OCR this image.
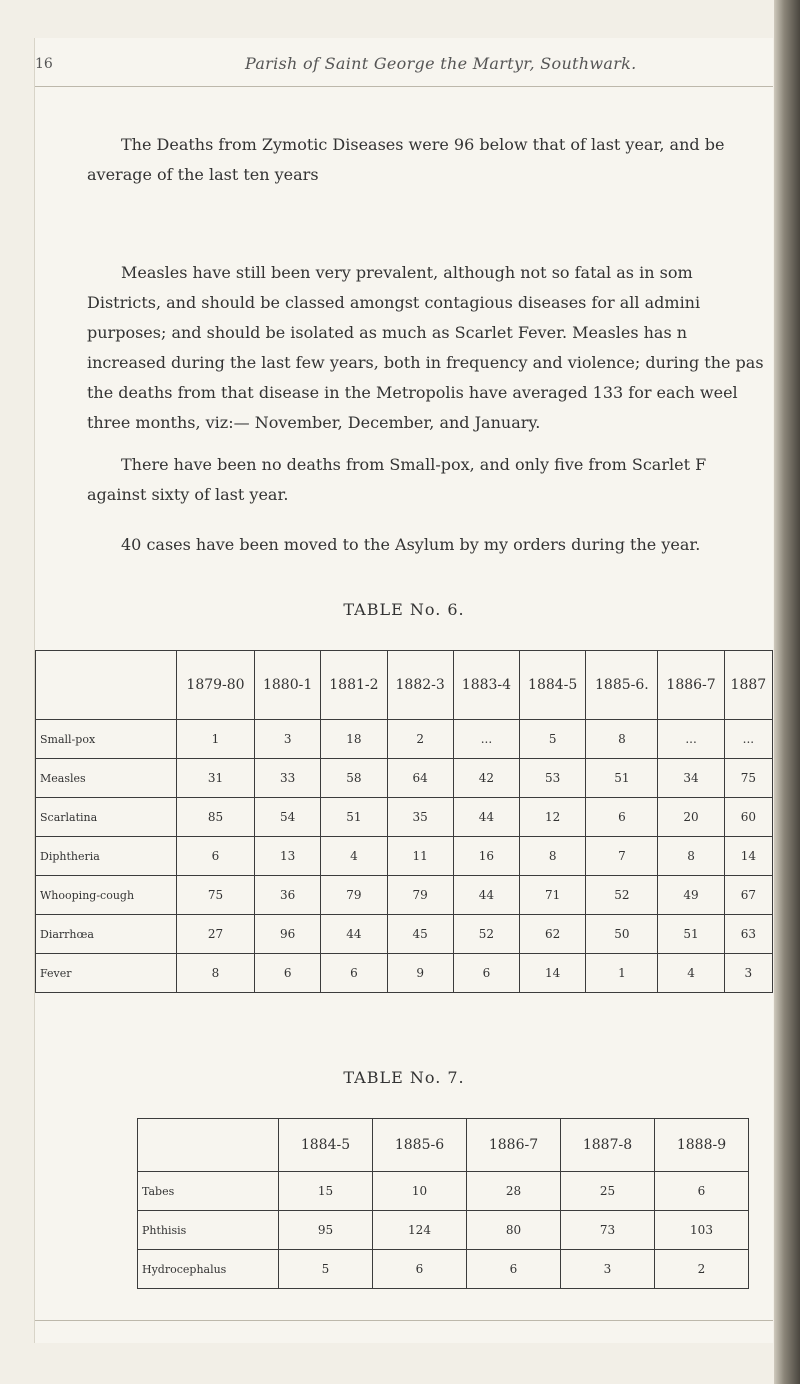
16	Parish of Saint George the Martyr, Southwark.

The Deaths from Zymotic Diseases were 96 below that of last year, and be
average of the last ten years

Measles have still been very prevalent, although not so fatal as in som
Districts, and should be classed amongst contagious diseases for all admini
purposes; and should be isolated as much as Scarlet Fever. Measles has n
increased during the last few years, both in frequency and violence; during the pas
the deaths from that disease in the Metropolis have averaged 133 for each weel
three months, viz:— November, December, and January.

There have been no deaths from Small-pox, and only five from Scarlet F
against sixty of last year.

40 cases have been moved to the Asylum by my orders during the year.

TABLE No. 6.
	1879-80	1880-1	1881-2	1882-3	1883-4	1884-5	1885-6.	1886-7	1887
Small-pox	1	3	18	2	...	5	8	...	...
Measles	31	33	58	64	42	53	51	34	75
Scarlatina	85	54	51	35	44	12	6	20	60
Diphtheria	6	13	4	11	16	8	7	8	14
Whooping-cough	75	36	79	79	44	71	52	49	67
Diarrhœa	27	96	44	45	52	62	50	51	63
Fever	8	6	6	9	6	14	1	4	3
TABLE No. 7.
	1884-5	1885-6	1886-7	1887-8	1888-9
Tabes	15	10	28	25	6
Phthisis	95	124	80	73	103
Hydrocephalus	5	6	6	3	2
